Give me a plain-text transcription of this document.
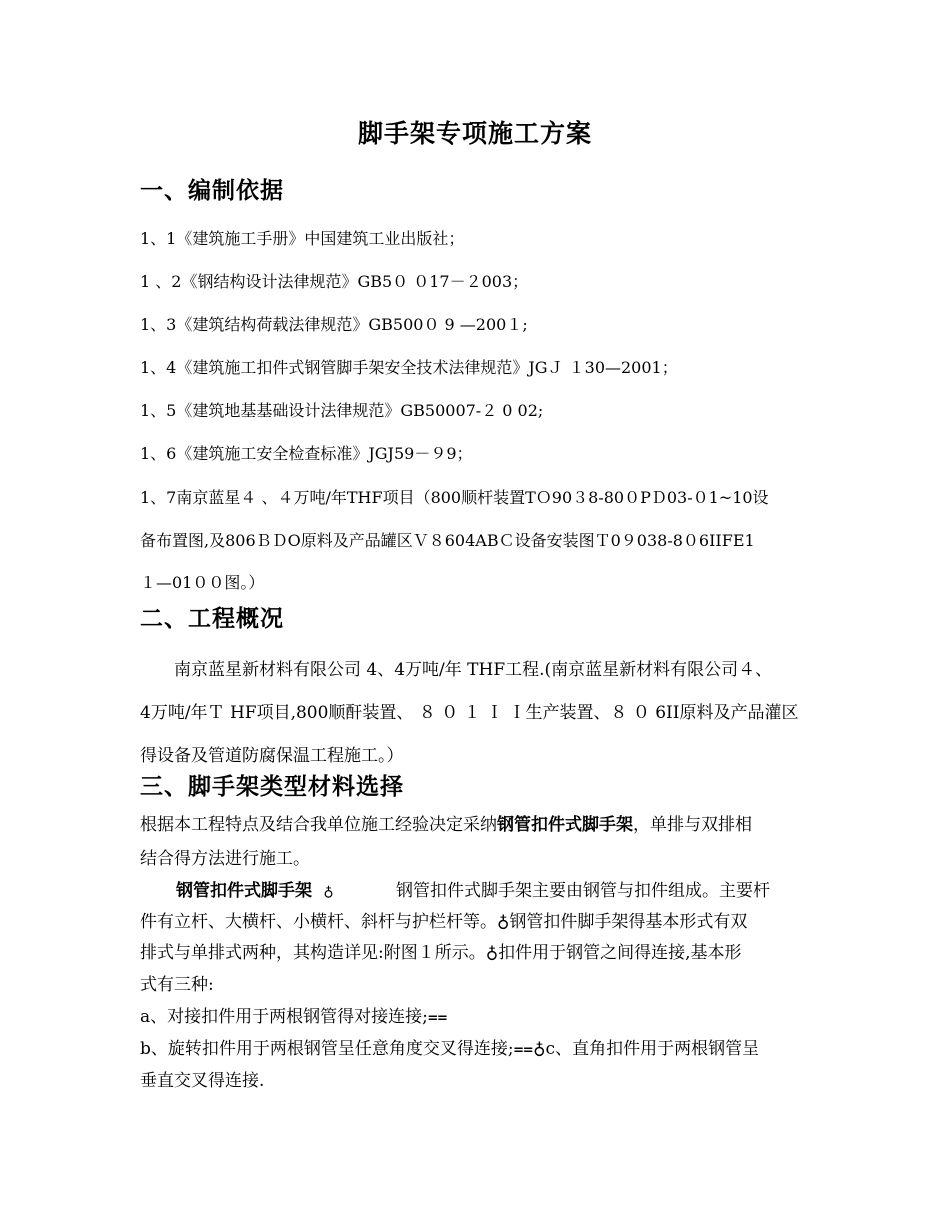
脚手架专项施工方案
一、编制依据
1、1《建筑施工手册》中国建筑工业出版社；
1 、2《钢结构设计法律规范》GB5０ ０17－２003；
1、3《建筑结构荷载法律规范》GB500０ 9 —200１;
1、4《建筑施工扣件式钢管脚手架安全技术法律规范》JGＪ １30—2001；
1、5《建筑地基基础设计法律规范》GB50007-２ 0 02;
1、6《建筑施工安全检查标准》JGJ59－９9；
1、7南京蓝星４ 、４万吨/年THF项目（800顺杆装置TＯ90３8-80０PＤ03-０1~10设
备布置图,及806ＢＤO原料及产品罐区Ｖ８604ABＣ设备安装图Ｔ0９038-8０6IIFE1
１—01００图。）
二、工程概况
南京蓝星新材料有限公司 4、4万吨/年 THF工程.(南京蓝星新材料有限公司４、
4万吨/年Ｔ HF项目,800顺酐装置、 ８ ０ １ Ｉ Ｉ生产装置、８ ０ 6II原料及产品灌区
得设备及管道防腐保温工程施工。）
三、脚手架类型材料选择
根据本工程特点及结合我单位施工经验决定采纳钢管扣件式脚手架，单排与双排相
结合得方法进行施工。
钢管扣件式脚手架 ♁	钢管扣件式脚手架主要由钢管与扣件组成。主要杆
件有立杆、大横杆、小横杆、斜杆与护栏杆等。♁钢管扣件脚手架得基本形式有双
排式与单排式两种，其构造详见:附图１所示。♁扣件用于钢管之间得连接,基本形
式有三种:
a、对接扣件用于两根钢管得对接连接;⩵
b、旋转扣件用于两根钢管呈任意角度交叉得连接;⩵♁c、直角扣件用于两根钢管呈
垂直交叉得连接.
